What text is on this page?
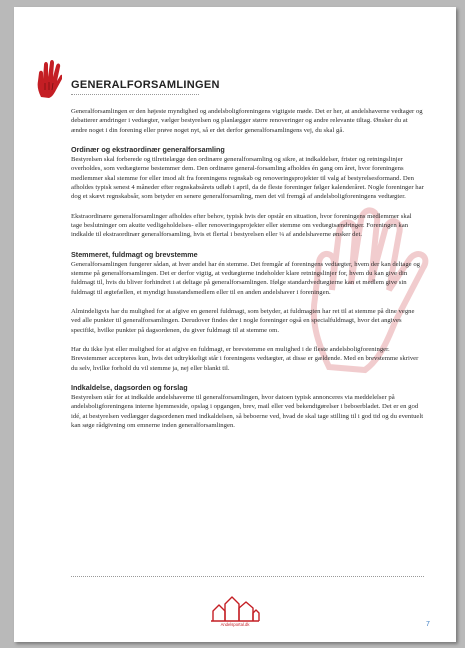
GENERALFORSAMLINGEN

Generalforsamlingen er den højeste myndighed og andelsboligforeningens vigtigste møde. Det er her, at andelshaverne vedtager og debatterer ændringer i vedtægter, vælger bestyrelsen og planlægger større renoveringer og andre relevante tiltag. Ønsker du at ændre noget i din forening eller prøve noget nyt, så er det derfor generalforsamlingens vej, du skal gå.

Ordinær og ekstraordinær generalforsamling

Bestyrelsen skal forberede og tilrettelægge den ordinære generalforsamling og sikre, at indkaldelser, frister og retningslinjer overholdes, som vedtægterne bestemmer dem. Den ordinære general-forsamling afholdes én gang om året, hvor foreningens medlemmer skal stemme for eller imod alt fra foreningens regnskab og renoveringsprojekter til valg af bestyrelsesformand. Den afholdes typisk senest 4 måneder efter regnskabsårets udløb i april, da de fleste foreninger følger kalenderåret. Nogle foreninger har dog et skævt regnskabsår, som betyder en senere generalforsamling, men det vil fremgå af andelsboligforeningens vedtægter.

Ekstraordinære generalforsamlinger afholdes efter behov, typisk hvis der opstår en situation, hvor foreningens medlemmer skal tage beslutninger om akutte vedligeholdelses- eller renoveringsprojekter eller stemme om vedtægtsændringer. Foreningen kan indkalde til ekstraordinær generalforsamling, hvis et flertal i bestyrelsen eller ¼ af andelshaverne ønsker det.

Stemmeret, fuldmagt og brevstemme

Generalforsamlingen fungerer sådan, at hver andel har én stemme. Det fremgår af foreningens vedtægter, hvem der kan deltage og stemme på generalforsamlingen. Det er derfor vigtig, at vedtægterne indeholder klare retningslinjer for, hvem du kan give din fuldmagt til, hvis du bliver forhindret i at deltage på generalforsamlingen. Ifølge standardvedtægterne kan et medlem give sin fuldmagt til ægtefællen, et myndigt husstandsmedlem eller til en anden andelshaver i foreningen.

Almindeligvis har du mulighed for at afgive en generel fuldmagt, som betyder, at fuldmagten har ret til at stemme på dine vegne ved alle punkter til generalforsamlingen. Derudover findes der i nogle foreninger også en specialfuldmagt, hvor det angives specifikt, hvilke punkter på dagsordenen, du giver fuldmagt til at stemme om.

Har du ikke lyst eller mulighed for at afgive en fuldmagt, er brevstemme en mulighed i de fleste andelsboligforeninger. Brevstemmer accepteres kun, hvis det udtrykkeligt står i foreningens vedtægter, at disse er gældende. Med en brevstemme skriver du selv, hvilke forhold du vil stemme ja, nej eller blankt til.

Indkaldelse, dagsorden og forslag

Bestyrelsen står for at indkalde andelshaverne til generalforsamlingen, hvor datoen typisk annonceres via meddelelser på andelsboligforeningens interne hjemmeside, opslag i opgangen, brev, mail eller ved bekendtgørelser i beboerbladet. Det er en god idé, at bestyrelsen vedlægger dagsordenen med indkaldelsen, så beboerne ved, hvad de skal tage stilling til i god tid og du eventuelt kan søge rådgivning om emnerne inden generalforsamlingen.

Andelsportal.dk	7
